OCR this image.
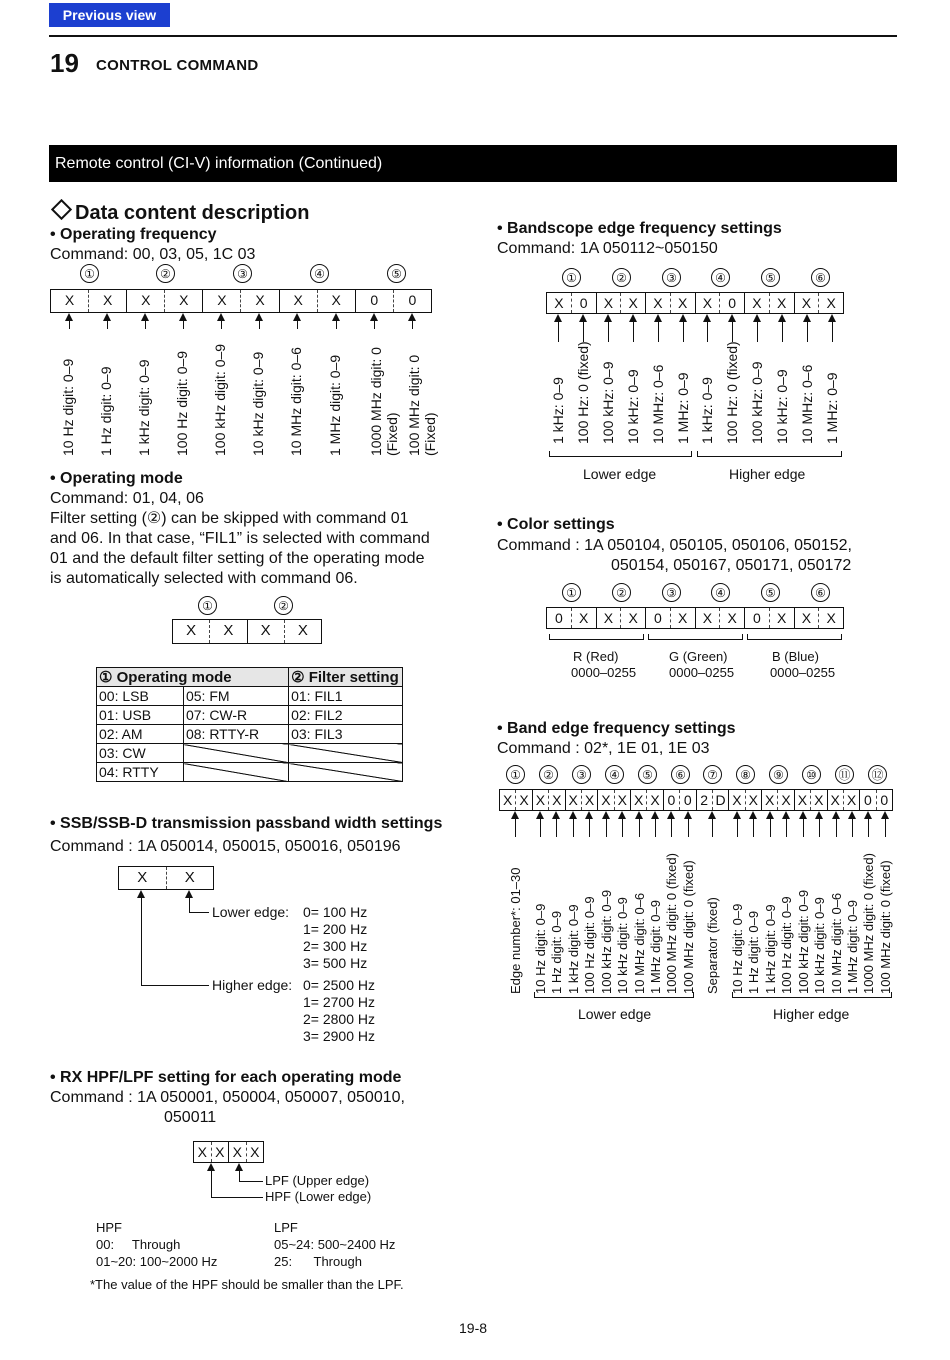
Previous view
19 CONTROL COMMAND
Remote control (CI-V) information (Continued)
Data content description
• Operating frequency
Command: 00, 03, 05, 1C 03
①	②	③	④	⑤
X	X	X	X	X	X	X	X	0	0
10 Hz digit: 0–9 1 Hz digit: 0–9 1 kHz digit: 0–9 100 Hz digit: 0–9 100 kHz digit: 0–9 10 kHz digit: 0–9 10 MHz digit: 0–6 1 MHz digit: 0–9 1000 MHz digit: 0 (Fixed) 100 MHz digit: 0 (Fixed)
• Operating mode
Command: 01, 04, 06
Filter setting (②) can be skipped with command 01
and 06. In that case, “FIL1” is selected with command
01 and the default filter setting of the operating mode
is automatically selected with command 06.
①	②
X	X	X	X
① Operating mode		② Filter setting
00: LSB	05: FM	01: FIL1
01: USB	07: CW-R	02: FIL2
02: AM	08: RTTY-R	03: FIL3
03: CW		
04: RTTY		
• SSB/SSB-D transmission passband width settings
Command : 1A 050014, 050015, 050016, 050196
X	X
Lower edge: 0= 100 Hz
1= 200 Hz
2= 300 Hz
3= 500 Hz
Higher edge: 0= 2500 Hz
1= 2700 Hz
2= 2800 Hz
3= 2900 Hz
• RX HPF/LPF setting for each operating mode
Command : 1A 050001, 050004, 050007, 050010,
050011
X X X X
LPF (Upper edge)
HPF (Lower edge)
HPF
00:     Through
01~20: 100~2000 Hz
LPF
05~24: 500~2400 Hz
25:      Through
*The value of the HPF should be smaller than the LPF.
• Bandscope edge frequency settings
Command: 1A 050112~050150
①	②	③	④	⑤	⑥
X	0	X	X	X	X	X	0	X	X	X	X
1 kHz: 0–9 100 Hz: 0 (fixed) 100 kHz: 0–9 10 kHz: 0–9 10 MHz: 0–6 1 MHz: 0–9 1 kHz: 0–9 100 Hz: 0 (fixed) 100 kHz: 0–9 10 kHz: 0–9 10 MHz: 0–6 1 MHz: 0–9
Lower edge	Higher edge
• Color settings
Command : 1A 050104, 050105, 050106, 050152,
050154, 050167, 050171, 050172
①	②	③	④	⑤	⑥
0	X	X	X	0	X	X	X	0	X	X	X
R (Red)
0000–0255
G (Green)
0000–0255
B (Blue)
0000–0255
• Band edge frequency settings
Command : 02*, 1E 01, 1E 03
①	②	③	④	⑤	⑥	⑦	⑧	⑨	⑩	⑪ ⑫
X X X X X X X X X X 0 0 2 D X X X X X X X X 0 0
Edge number*: 01–30 10 Hz digit: 0–9 1 Hz digit: 0–9 1 kHz digit: 0–9 100 Hz digit: 0–9 100 kHz digit: 0–9 10 kHz digit: 0–9 10 MHz digit: 0–6 1 MHz digit: 0–9 1000 MHz digit: 0 (fixed) 100 MHz digit: 0 (fixed) Separator (fixed) 10 Hz digit: 0–9 1 Hz digit: 0–9 1 kHz digit: 0–9 100 Hz digit: 0–9 100 kHz digit: 0–9 10 kHz digit: 0–9 10 MHz digit: 0–6 1 MHz digit: 0–9 1000 MHz digit: 0 (fixed) 100 MHz digit: 0 (fixed)
Lower edge	Higher edge
19-8
